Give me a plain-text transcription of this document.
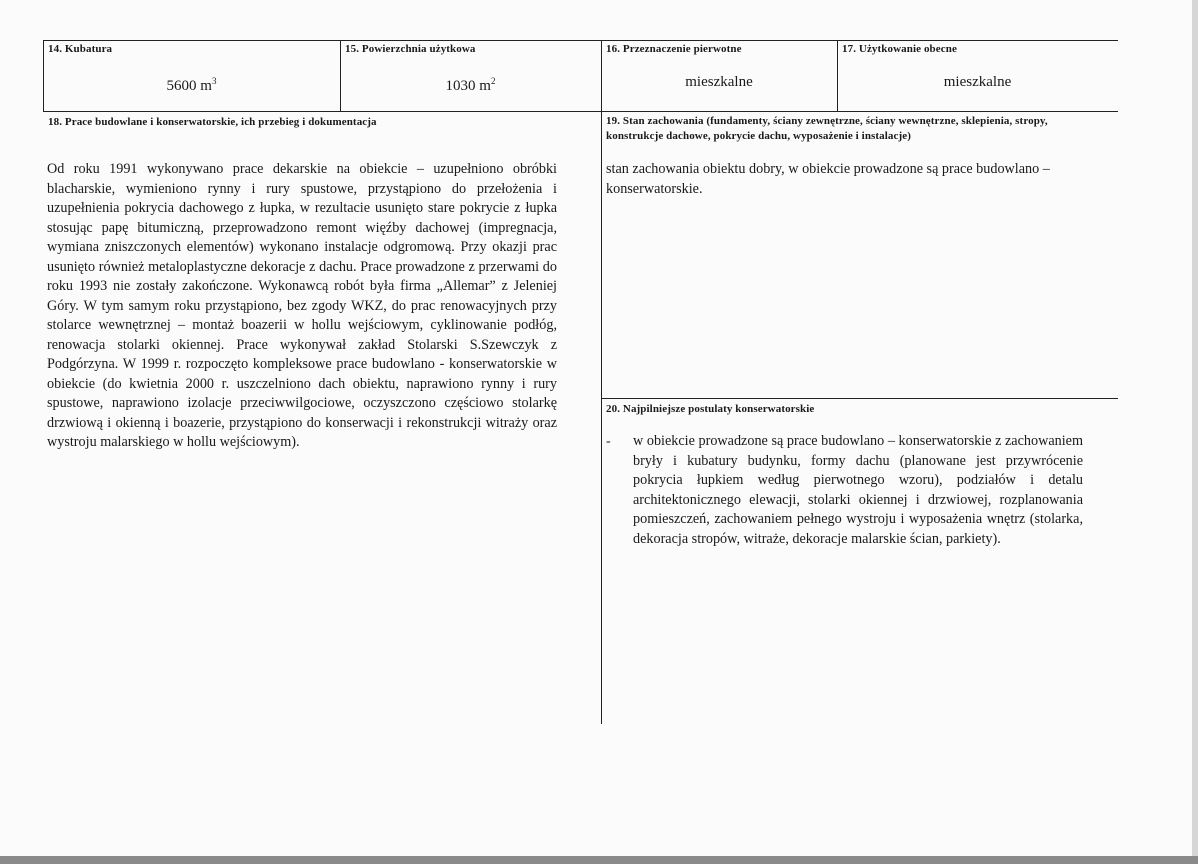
14. Kubatura
5600 $m^3$
15. Powierzchnia użytkowa
1030 $m^2$
16. Przeznaczenie pierwotne
mieszkalne
17. Użytkowanie obecne
mieszkalne
18. Prace budowlane i konserwatorskie, ich przebieg i dokumentacja
Od roku 1991 wykonywano prace dekarskie na obiekcie – uzupełniono obróbki blacharskie, wymieniono rynny i rury spustowe, przystąpiono do przełożenia i uzupełnienia pokrycia dachowego z łupka, w rezultacie usunięto stare pokrycie z łupka stosując papę bitumiczną, przeprowadzono remont więźby dachowej (impregnacja, wymiana zniszczonych elementów) wykonano instalacje odgromową. Przy okazji prac usunięto również metaloplastyczne dekoracje z dachu. Prace prowadzone z przerwami do roku 1993 nie zostały zakończone. Wykonawcą robót była firma „Allemar” z Jeleniej Góry. W tym samym roku przystąpiono, bez zgody WKZ, do prac renowacyjnych przy stolarce wewnętrznej – montaż boazerii w hollu wejściowym, cyklinowanie podłóg, renowacja stolarki okiennej. Prace wykonywał zakład Stolarski S.Szewczyk z Podgórzyna. W 1999 r. rozpoczęto kompleksowe prace budowlano - konserwatorskie w obiekcie (do kwietnia 2000 r. uszczelniono dach obiektu, naprawiono rynny i rury spustowe, naprawiono izolacje przeciwwilgociowe, oczyszczono częściowo stolarkę drzwiową i okienną i boazerie, przystąpiono do konserwacji i rekonstrukcji witraży oraz wystroju malarskiego w hollu wejściowym).
19. Stan zachowania (fundamenty, ściany zewnętrzne, ściany wewnętrzne, sklepienia, stropy, konstrukcje dachowe, pokrycie dachu, wyposażenie i instalacje)
stan zachowania obiektu dobry, w obiekcie prowadzone są prace budowlano – konserwatorskie.
20. Najpilniejsze postulaty konserwatorskie
-	w obiekcie prowadzone są prace budowlano – konserwatorskie z zachowaniem bryły i kubatury budynku, formy dachu (planowane jest przywrócenie pokrycia łupkiem według pierwotnego wzoru), podziałów i detalu architektonicznego elewacji, stolarki okiennej i drzwiowej, rozplanowania pomieszczeń, zachowaniem pełnego wystroju i wyposażenia wnętrz (stolarka, dekoracja stropów, witraże, dekoracje malarskie ścian, parkiety).
